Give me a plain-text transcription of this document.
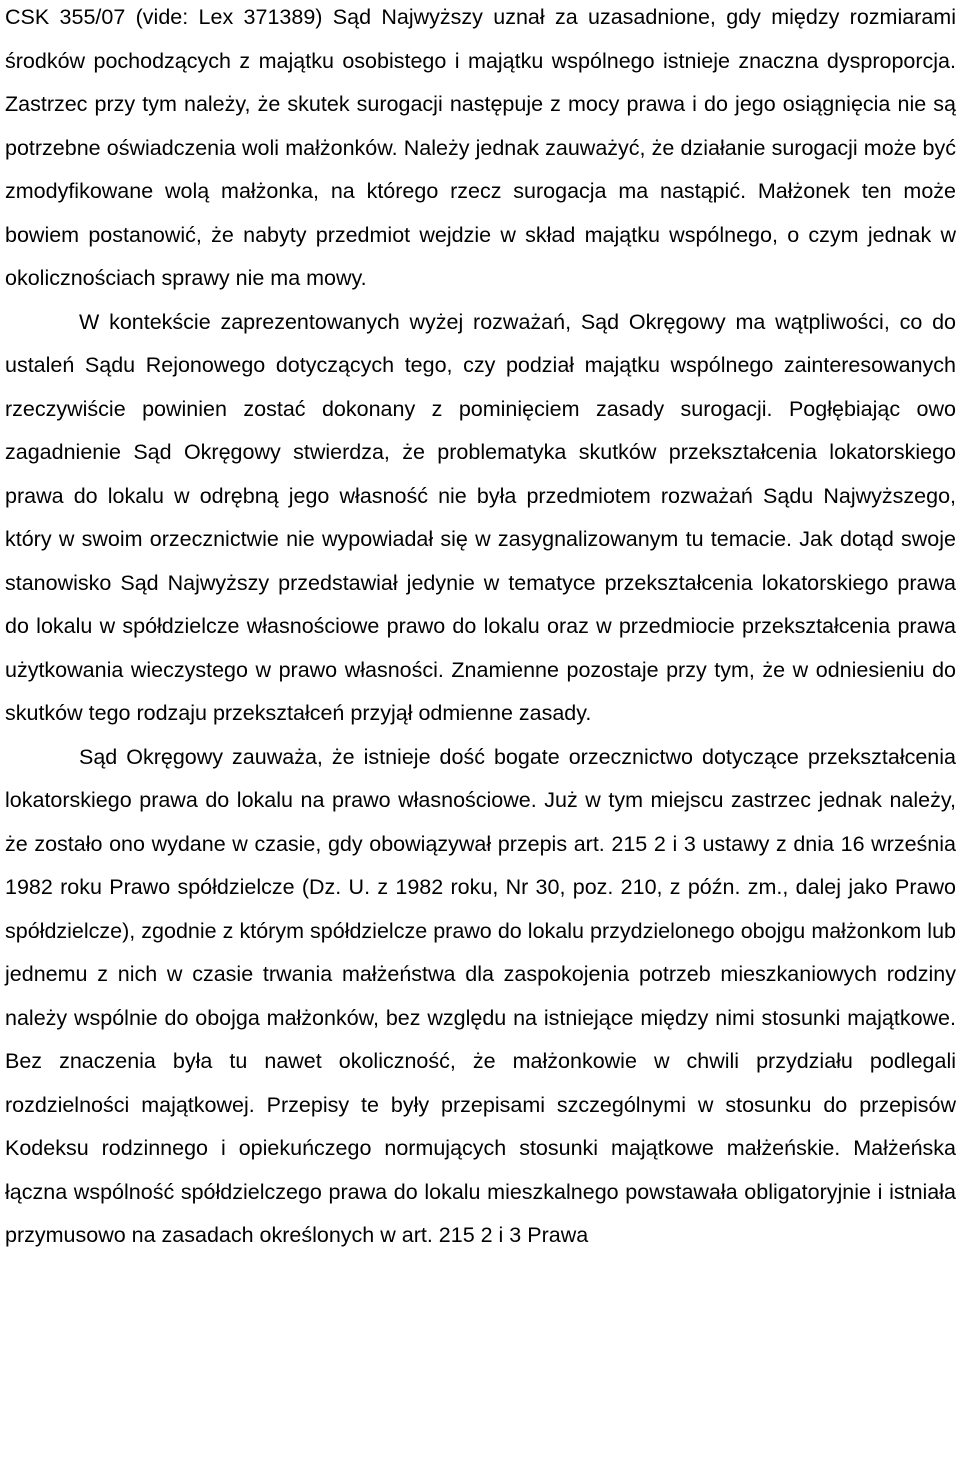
CSK 355/07 (vide: Lex 371389) Sąd Najwyższy uznał za uzasadnione, gdy między rozmiarami środków pochodzących z majątku osobistego i majątku wspólnego istnieje znaczna dysproporcja. Zastrzec przy tym należy, że skutek surogacji następuje z mocy prawa i do jego osiągnięcia nie są potrzebne oświadczenia woli małżonków. Należy jednak zauważyć, że działanie surogacji może być zmodyfikowane wolą małżonka, na którego rzecz surogacja ma nastąpić. Małżonek ten może bowiem postanowić, że nabyty przedmiot wejdzie w skład majątku wspólnego, o czym jednak w okolicznościach sprawy nie ma mowy.

W kontekście zaprezentowanych wyżej rozważań, Sąd Okręgowy ma wątpliwości, co do ustaleń Sądu Rejonowego dotyczących tego, czy podział majątku wspólnego zainteresowanych rzeczywiście powinien zostać dokonany z pominięciem zasady surogacji. Pogłębiając owo zagadnienie Sąd Okręgowy stwierdza, że problematyka skutków przekształcenia lokatorskiego prawa do lokalu w odrębną jego własność nie była przedmiotem rozważań Sądu Najwyższego, który w swoim orzecznictwie nie wypowiadał się w zasygnalizowanym tu temacie. Jak dotąd swoje stanowisko Sąd Najwyższy przedstawiał jedynie w tematyce przekształcenia lokatorskiego prawa do lokalu w spółdzielcze własnościowe prawo do lokalu oraz w przedmiocie przekształcenia prawa użytkowania wieczystego w prawo własności. Znamienne pozostaje przy tym, że w odniesieniu do skutków tego rodzaju przekształceń przyjął odmienne zasady.

Sąd Okręgowy zauważa, że istnieje dość bogate orzecznictwo dotyczące przekształcenia lokatorskiego prawa do lokalu na prawo własnościowe. Już w tym miejscu zastrzec jednak należy, że zostało ono wydane w czasie, gdy obowiązywał przepis art. 215 2 i 3 ustawy z dnia 16 września 1982 roku Prawo spółdzielcze (Dz. U. z 1982 roku, Nr 30, poz. 210, z późn. zm., dalej jako Prawo spółdzielcze), zgodnie z którym spółdzielcze prawo do lokalu przydzielonego obojgu małżonkom lub jednemu z nich w czasie trwania małżeństwa dla zaspokojenia potrzeb mieszkaniowych rodziny należy wspólnie do obojga małżonków, bez względu na istniejące między nimi stosunki majątkowe. Bez znaczenia była tu nawet okoliczność, że małżonkowie w chwili przydziału podlegali rozdzielności majątkowej. Przepisy te były przepisami szczególnymi w stosunku do przepisów Kodeksu rodzinnego i opiekuńczego normujących stosunki majątkowe małżeńskie. Małżeńska łączna wspólność spółdzielczego prawa do lokalu mieszkalnego powstawała obligatoryjnie i istniała przymusowo na zasadach określonych w art. 215 2 i 3 Prawa
